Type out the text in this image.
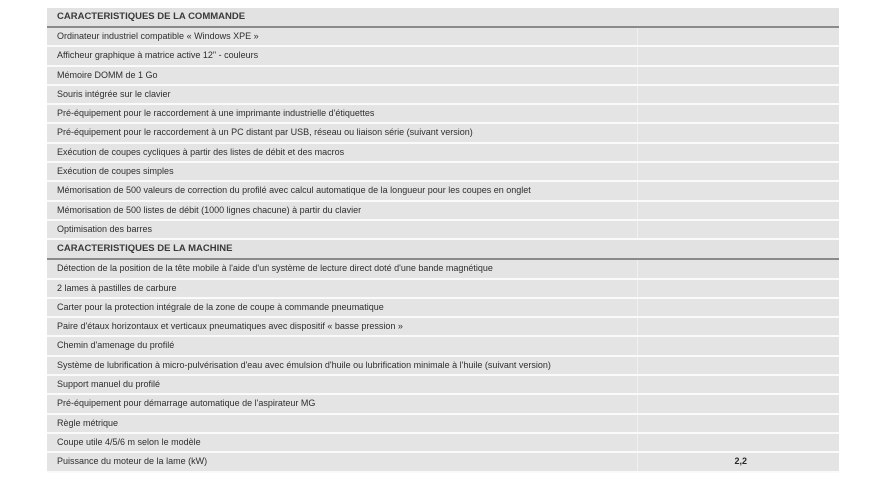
CARACTERISTIQUES DE LA COMMANDE
Ordinateur industriel compatible « Windows XPE »
Afficheur graphique à matrice active 12" - couleurs
Mémoire DOMM de 1 Go
Souris intégrée sur le clavier
Pré-équipement pour le raccordement à une imprimante industrielle d'étiquettes
Pré-équipement pour le raccordement à un PC distant par USB, réseau ou liaison série (suivant version)
Exécution de coupes cycliques à partir des listes de débit et des macros
Exécution de coupes simples
Mémorisation de 500 valeurs de correction du profilé avec calcul automatique de la longueur pour les coupes en onglet
Mémorisation de 500 listes de débit (1000 lignes chacune) à partir du clavier
Optimisation des barres
CARACTERISTIQUES DE LA MACHINE
Détection de la position de la tête mobile à l'aide d'un système de lecture direct doté d'une bande magnétique
2 lames à pastilles de carbure
Carter pour la protection intégrale de la zone de coupe à commande pneumatique
Paire d'étaux horizontaux et verticaux pneumatiques avec dispositif « basse pression »
Chemin d'amenage du profilé
Système de lubrification à micro-pulvérisation d'eau avec émulsion d'huile ou lubrification minimale à l'huile (suivant version)
Support manuel du profilé
Pré-équipement pour démarrage automatique de l'aspirateur MG
Règle métrique
Coupe utile 4/5/6 m selon le modèle
Puissance du moteur de la lame (kW)	2,2
